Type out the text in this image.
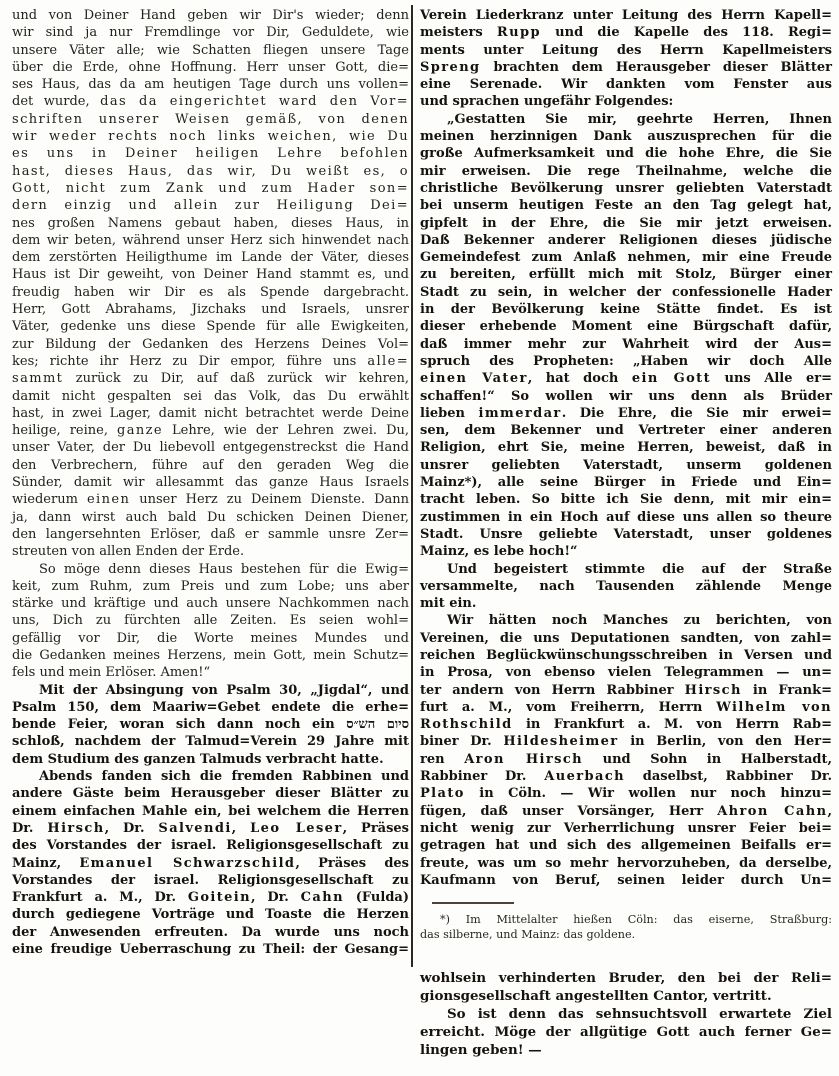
und von Deiner Hand geben wir Dir's wieder; denn
wir sind ja nur Fremdlinge vor Dir, Geduldete, wie
unsere Väter alle; wie Schatten fliegen unsere Tage
über die Erde, ohne Hoffnung. Herr unser Gott, die=
ses Haus, das da am heutigen Tage durch uns vollen=
det wurde, das da eingerichtet ward den Vor=
schriften unserer Weisen gemäß, von denen
wir weder rechts noch links weichen, wie Du
es uns in Deiner heiligen Lehre befohlen
hast, dieses Haus, das wir, Du weißt es, o
Gott, nicht zum Zank und zum Hader son=
dern einzig und allein zur Heiligung Dei=
nes großen Namens gebaut haben, dieses Haus, in
dem wir beten, während unser Herz sich hinwendet nach
dem zerstörten Heiligthume im Lande der Väter, dieses
Haus ist Dir geweiht, von Deiner Hand stammt es, und
freudig haben wir Dir es als Spende dargebracht.
Herr, Gott Abrahams, Jizchaks und Israels, unsrer
Väter, gedenke uns diese Spende für alle Ewigkeiten,
zur Bildung der Gedanken des Herzens Deines Vol=
kes; richte ihr Herz zu Dir empor, führe uns alle=
sammt zurück zu Dir, auf daß zurück wir kehren,
damit nicht gespalten sei das Volk, das Du erwählt
hast, in zwei Lager, damit nicht betrachtet werde Deine
heilige, reine, ganze Lehre, wie der Lehren zwei. Du,
unser Vater, der Du liebevoll entgegenstreckst die Hand
den Verbrechern, führe auf den geraden Weg die
Sünder, damit wir allesammt das ganze Haus Israels
wiederum einen unser Herz zu Deinem Dienste. Dann
ja, dann wirst auch bald Du schicken Deinen Diener,
den langersehnten Erlöser, daß er sammle unsre Zer=
streuten von allen Enden der Erde.
So möge denn dieses Haus bestehen für die Ewig=
keit, zum Ruhm, zum Preis und zum Lobe; uns aber
stärke und kräftige und auch unsere Nachkommen nach
uns, Dich zu fürchten alle Zeiten. Es seien wohl=
gefällig vor Dir, die Worte meines Mundes und
die Gedanken meines Herzens, mein Gott, mein Schutz=
fels und mein Erlöser. Amen!“
Mit der Absingung von Psalm 30, „Jigdal“, und
Psalm 150, dem Maariw=Gebet endete die erhe=
bende Feier, woran sich dann noch ein סיום הש״ס
schloß, nachdem der Talmud=Verein 29 Jahre mit
dem Studium des ganzen Talmuds verbracht hatte.
Abends fanden sich die fremden Rabbinen und
andere Gäste beim Herausgeber dieser Blätter zu
einem einfachen Mahle ein, bei welchem die Herren
Dr. Hirsch, Dr. Salvendi, Leo Leser, Präses
des Vorstandes der israel. Religionsgesellschaft zu
Mainz, Emanuel Schwarzschild, Präses des
Vorstandes der israel. Religionsgesellschaft zu
Frankfurt a. M., Dr. Goitein, Dr. Cahn (Fulda)
durch gediegene Vorträge und Toaste die Herzen
der Anwesenden erfreuten. Da wurde uns noch
eine freudige Ueberraschung zu Theil: der Gesang=
Verein Liederkranz unter Leitung des Herrn Kapell=
meisters Rupp und die Kapelle des 118. Regi=
ments unter Leitung des Herrn Kapellmeisters
Spreng brachten dem Herausgeber dieser Blätter
eine Serenade. Wir dankten vom Fenster aus
und sprachen ungefähr Folgendes:
„Gestatten Sie mir, geehrte Herren, Ihnen
meinen herzinnigen Dank auszusprechen für die
große Aufmerksamkeit und die hohe Ehre, die Sie
mir erweisen. Die rege Theilnahme, welche die
christliche Bevölkerung unsrer geliebten Vaterstadt
bei unserm heutigen Feste an den Tag gelegt hat,
gipfelt in der Ehre, die Sie mir jetzt erweisen.
Daß Bekenner anderer Religionen dieses jüdische
Gemeindefest zum Anlaß nehmen, mir eine Freude
zu bereiten, erfüllt mich mit Stolz, Bürger einer
Stadt zu sein, in welcher der confessionelle Hader
in der Bevölkerung keine Stätte findet. Es ist
dieser erhebende Moment eine Bürgschaft dafür,
daß immer mehr zur Wahrheit wird der Aus=
spruch des Propheten: „Haben wir doch Alle
einen Vater, hat doch ein Gott uns Alle er=
schaffen!“ So wollen wir uns denn als Brüder
lieben immerdar. Die Ehre, die Sie mir erwei=
sen, dem Bekenner und Vertreter einer anderen
Religion, ehrt Sie, meine Herren, beweist, daß in
unsrer geliebten Vaterstadt, unserm goldenen
Mainz*), alle seine Bürger in Friede und Ein=
tracht leben. So bitte ich Sie denn, mit mir ein=
zustimmen in ein Hoch auf diese uns allen so theure
Stadt. Unsre geliebte Vaterstadt, unser goldenes
Mainz, es lebe hoch!“
Und begeistert stimmte die auf der Straße
versammelte, nach Tausenden zählende Menge
mit ein.
Wir hätten noch Manches zu berichten, von
Vereinen, die uns Deputationen sandten, von zahl=
reichen Beglückwünschungsschreiben in Versen und
in Prosa, von ebenso vielen Telegrammen — un=
ter andern von Herrn Rabbiner Hirsch in Frank=
furt a. M., vom Freiherrn, Herrn Wilhelm von
Rothschild in Frankfurt a. M. von Herrn Rab=
biner Dr. Hildesheimer in Berlin, von den Her=
ren Aron Hirsch und Sohn in Halberstadt,
Rabbiner Dr. Auerbach daselbst, Rabbiner Dr.
Plato in Cöln. — Wir wollen nur noch hinzu=
fügen, daß unser Vorsänger, Herr Ahron Cahn,
nicht wenig zur Verherrlichung unsrer Feier bei=
getragen hat und sich des allgemeinen Beifalls er=
freute, was um so mehr hervorzuheben, da derselbe,
Kaufmann von Beruf, seinen leider durch Un=
*) Im Mittelalter hießen Cöln: das eiserne, Straßburg:
das silberne, und Mainz: das goldene.
wohlsein verhinderten Bruder, den bei der Reli=
gionsgesellschaft angestellten Cantor, vertritt.
So ist denn das sehnsuchtsvoll erwartete Ziel
erreicht. Möge der allgütige Gott auch ferner Ge=
lingen geben! —
